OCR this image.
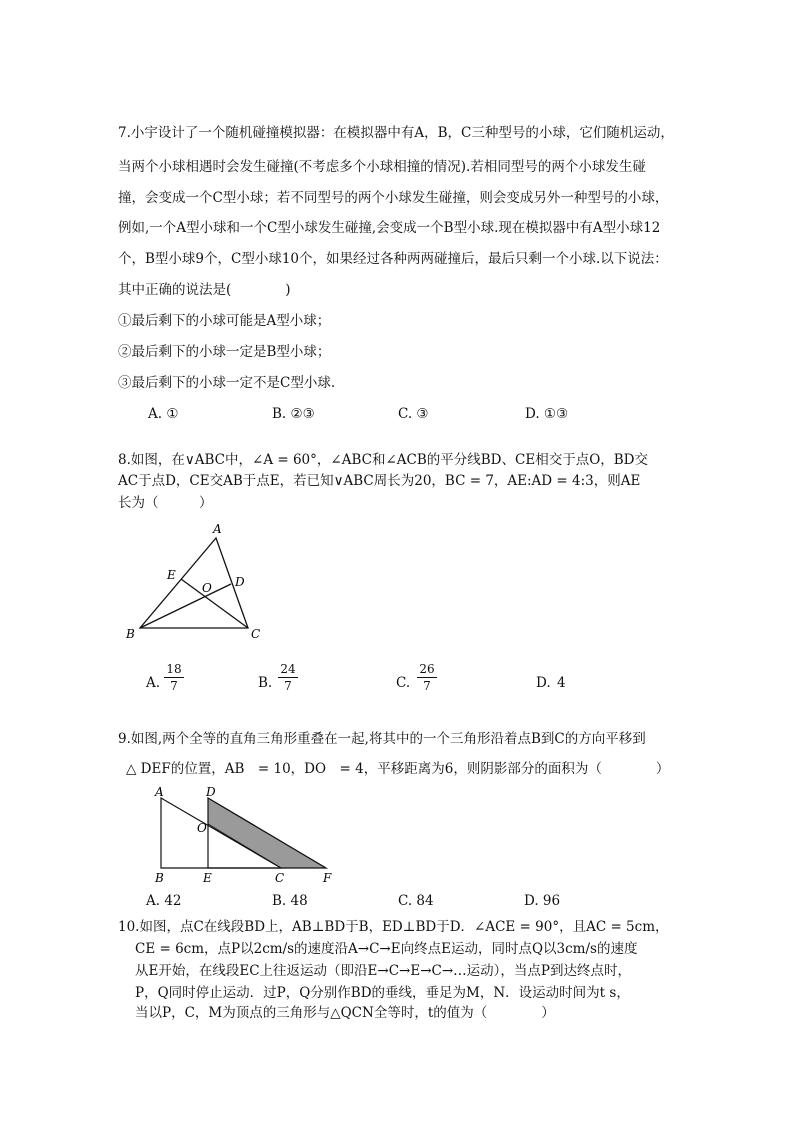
7.小宇设计了一个随机碰撞模拟器：在模拟器中有A，B，C三种型号的小球，它们随机运动，
当两个小球相遇时会发生碰撞(不考虑多个小球相撞的情况).若相同型号的两个小球发生碰
撞，会变成一个C型小球；若不同型号的两个小球发生碰撞，则会变成另外一种型号的小球，
例如,一个A型小球和一个C型小球发生碰撞,会变成一个B型小球.现在模拟器中有A型小球12
个，B型小球9个，C型小球10个，如果经过各种两两碰撞后，最后只剩一个小球.以下说法：
其中正确的说法是(　　　　)
①最后剩下的小球可能是A型小球；
②最后剩下的小球一定是B型小球；
③最后剩下的小球一定不是C型小球.
A. ①	B. ②③	C. ③	D. ①③
8.如图，在∨ABC中，∠A = 60°，∠ABC和∠ACB的平分线BD、CE相交于点O，BD交
AC于点D，CE交AB于点E，若已知∨ABC周长为20，BC = 7，AE:AD = 4:3，则AE
长为（　　　）
A
B	C
D
E
O
A.
18
7	B.
24
7	C.
26
7	D. 4
9.如图,两个全等的直角三角形重叠在一起,将其中的一个三角形沿着点B到C的方向平移到
△ DEF的位置，AB　= 10，DO　= 4，平移距离为6，则阴影部分的面积为（　　　　）
A	D
O
B	E	C	F
A. 42	B. 48	C. 84	D. 96
10.如图，点C在线段BD上，AB⊥BD于B，ED⊥BD于D．∠ACE = 90°，且AC = 5cm，
CE = 6cm，点P以2cm/s的速度沿A→C→E向终点E运动，同时点Q以3cm/s的速度
从E开始，在线段EC上往返运动（即沿E→C→E→C→…运动），当点P到达终点时，
P，Q同时停止运动．过P，Q分别作BD的垂线，垂足为M，N．设运动时间为t s，
当以P，C，M为顶点的三角形与△QCN全等时，t的值为（　　　　）
